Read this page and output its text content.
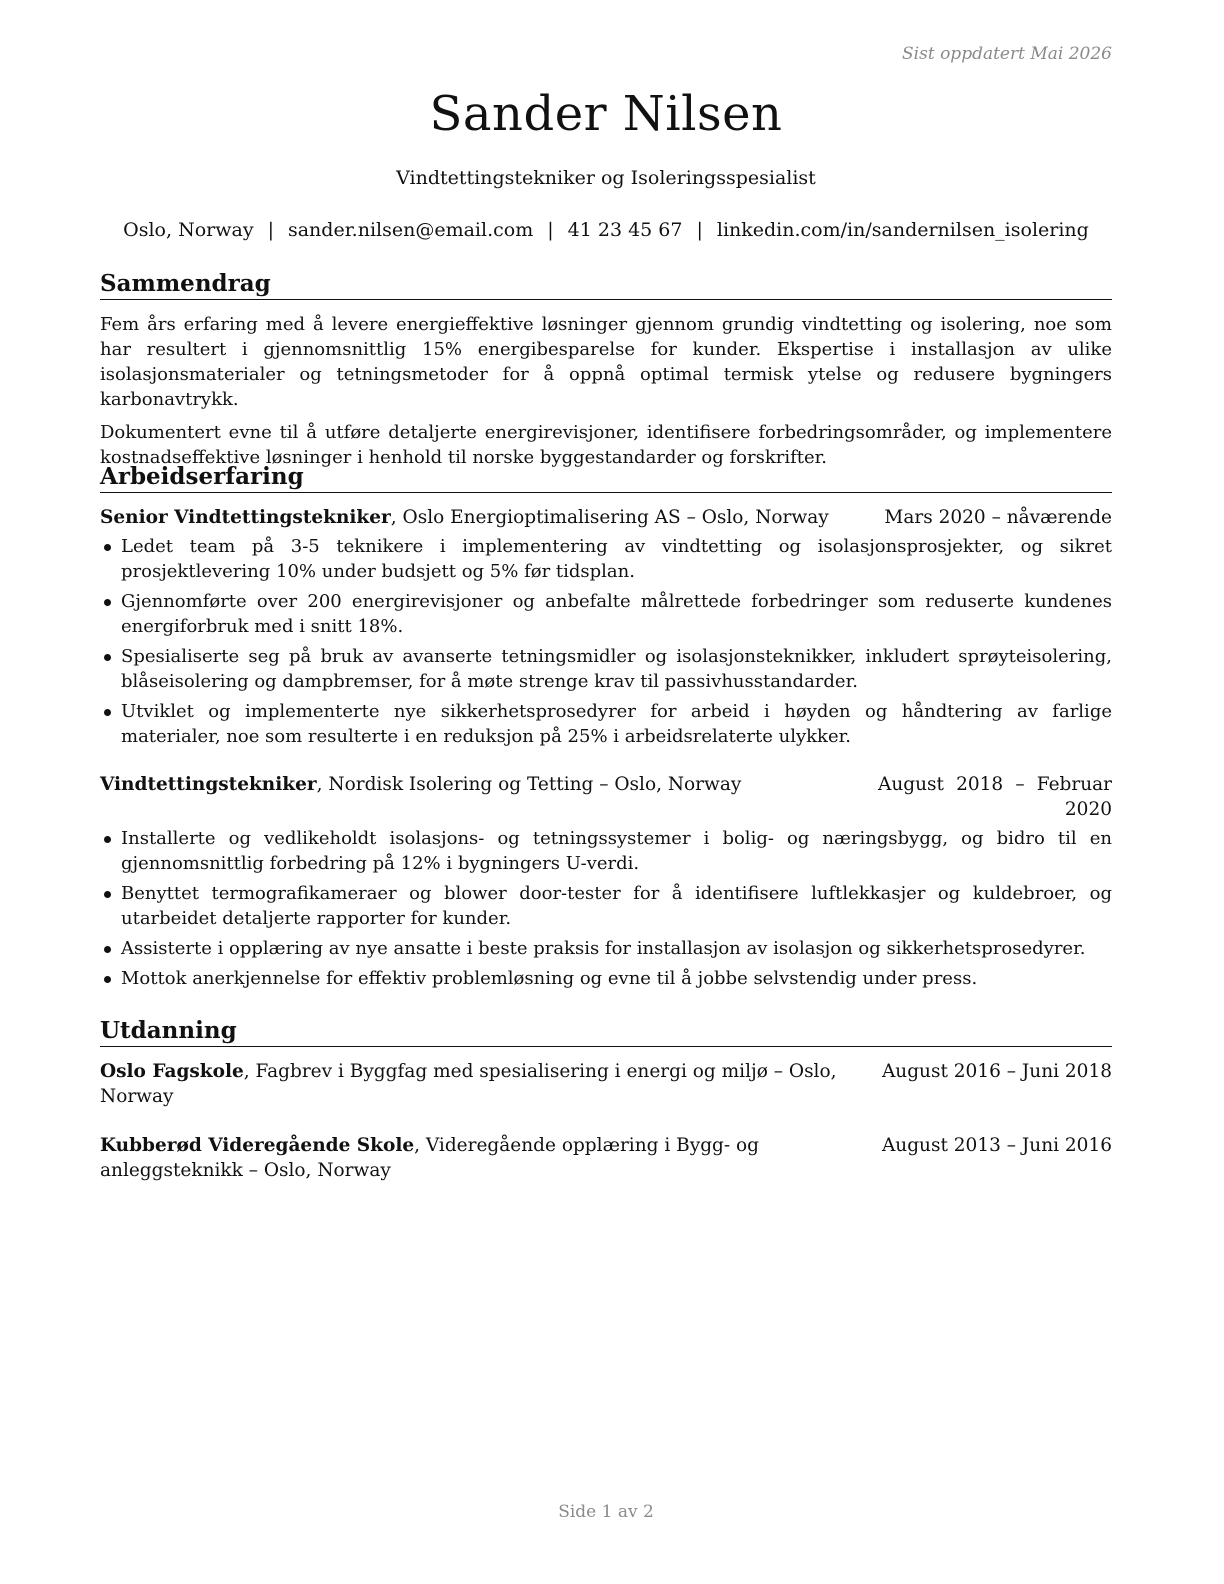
Sist oppdatert Mai 2026
Sander Nilsen
Vindtettingstekniker og Isoleringsspesialist
Oslo, Norway | sander.nilsen@email.com | 41 23 45 67 | linkedin.com/in/sandernilsen_isolering
Sammendrag

Fem års erfaring med å levere energieffektive løsninger gjennom grundig vindtetting og isolering, noe som har resultert i gjennomsnittlig 15% energibesparelse for kunder. Ekspertise i installasjon av ulike isolasjonsmaterialer og tetningsmetoder for å oppnå optimal termisk ytelse og redusere bygningers karbonavtrykk.

Dokumentert evne til å utføre detaljerte energirevisjoner, identifisere forbedringsområder, og implementere kostnadseffektive løsninger i henhold til norske byggestandarder og forskrifter.

Arbeidserfaring
Senior Vindtettingstekniker, Oslo Energioptimalisering AS – Oslo, Norway	Mars 2020 – nåværende
Ledet team på 3-5 teknikere i implementering av vindtetting og isolasjonsprosjekter, og sikret prosjektlevering 10% under budsjett og 5% før tidsplan.
Gjennomførte over 200 energirevisjoner og anbefalte målrettede forbedringer som reduserte kundenes energiforbruk med i snitt 18%.
Spesialiserte seg på bruk av avanserte tetningsmidler og isolasjonsteknikker, inkludert sprøyteisolering, blåseisolering og dampbremser, for å møte strenge krav til passivhusstandarder.
Utviklet og implementerte nye sikkerhetsprosedyrer for arbeid i høyden og håndtering av farlige materialer, noe som resulterte i en reduksjon på 25% i arbeidsrelaterte ulykker.
Vindtettingstekniker, Nordisk Isolering og Tetting – Oslo, Norway	August 2018 – Februar 2020
Installerte og vedlikeholdt isolasjons- og tetningssystemer i bolig- og næringsbygg, og bidro til en gjennomsnittlig forbedring på 12% i bygningers U-verdi.
Benyttet termografikameraer og blower door-tester for å identifisere luftlekkasjer og kuldebroer, og utarbeidet detaljerte rapporter for kunder.
Assisterte i opplæring av nye ansatte i beste praksis for installasjon av isolasjon og sikkerhetsprosedyrer.
Mottok anerkjennelse for effektiv problemløsning og evne til å jobbe selvstendig under press.
Utdanning
Oslo Fagskole, Fagbrev i Byggfag med spesialisering i energi og miljø – Oslo, Norway
August 2016 – Juni 2018
Kubberød Videregående Skole, Videregående opplæring i Bygg- og anleggsteknikk – Oslo, Norway
August 2013 – Juni 2016
Side 1 av 2
